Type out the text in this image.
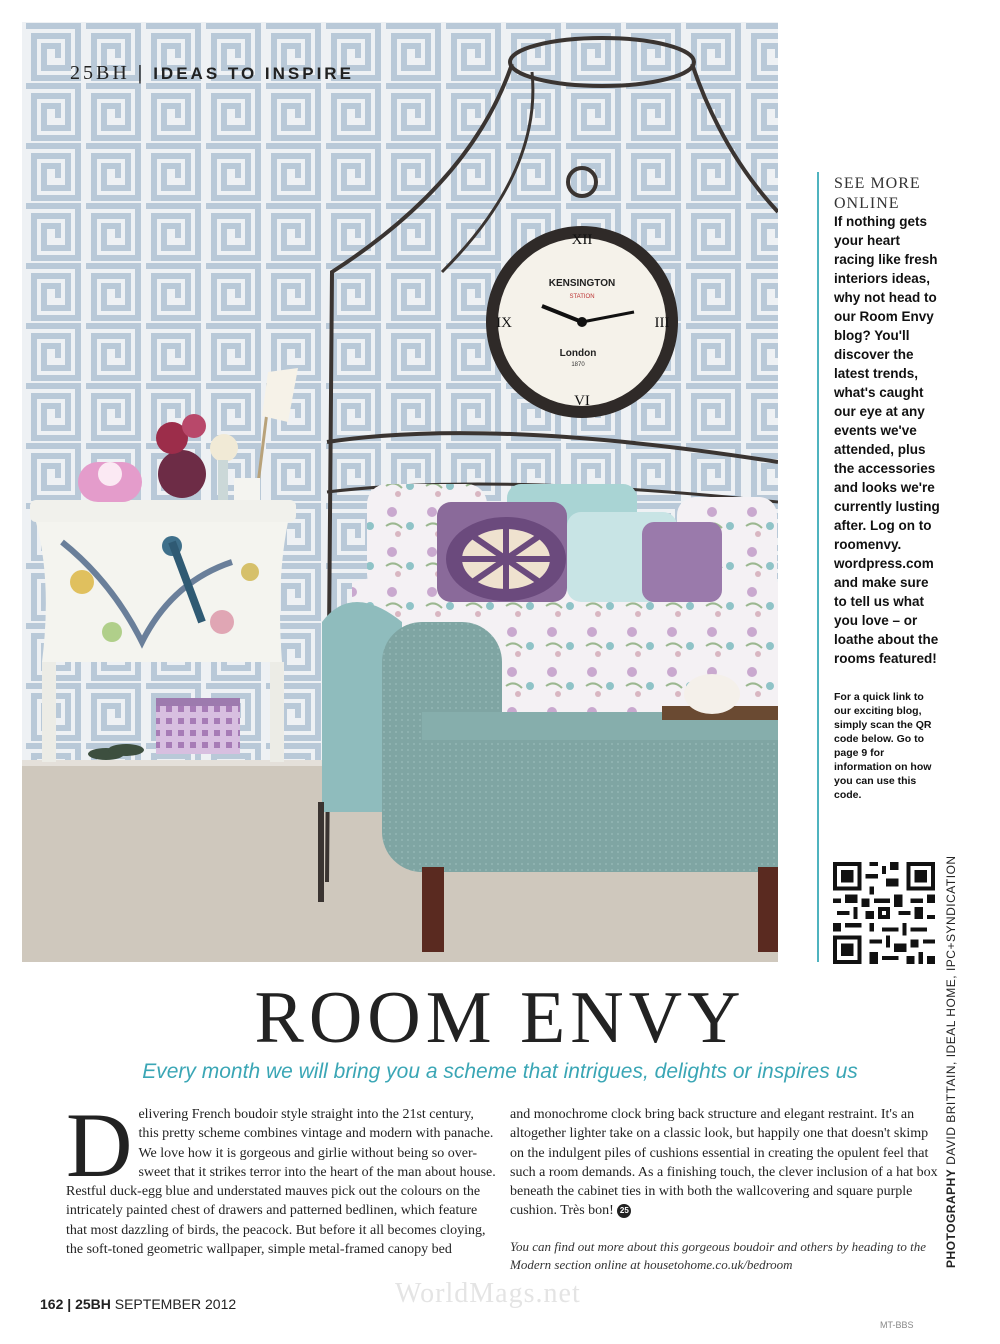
XII
III
VI
IX
KENSINGTON
STATION
London
1870
25BH | IDEAS TO INSPIRE
SEE MORE
ONLINE
If nothing gets your heart racing like fresh interiors ideas, why not head to our Room Envy blog? You'll discover the latest trends, what's caught our eye at any events we've attended, plus the accessories and looks we're currently lusting after. Log on to roomenvy. wordpress.com and make sure to tell us what you love – or loathe about the rooms featured!
For a quick link to our exciting blog, simply scan the QR code below. Go to page 9 for information on how you can use this code.
PHOTOGRAPHY DAVID BRITTAIN, IDEAL HOME, IPC+SYNDICATION
ROOM ENVY
Every month we will bring you a scheme that intrigues, delights or inspires us
Delivering French boudoir style straight into the 21st century, this pretty scheme combines vintage and modern with panache. We love how it is gorgeous and girlie without being so over-sweet that it strikes terror into the heart of the man about house. Restful duck-egg blue and understated mauves pick out the colours on the intricately painted chest of drawers and patterned bedlinen, which feature that most dazzling of birds, the peacock. But before it all becomes cloying, the soft-toned geometric wallpaper, simple metal-framed canopy bed
and monochrome clock bring back structure and elegant restraint. It's an altogether lighter take on a classic look, but happily one that doesn't skimp on the indulgent piles of cushions essential in creating the opulent feel that such a room demands. As a finishing touch, the clever inclusion of a hat box beneath the cabinet ties in with both the wallcovering and square purple cushion. Très bon! 25
You can find out more about this gorgeous boudoir and others by heading to the Modern section online at housetohome.co.uk/bedroom
162 | 25BH SEPTEMBER 2012	WorldMags.net
MT-BBS
